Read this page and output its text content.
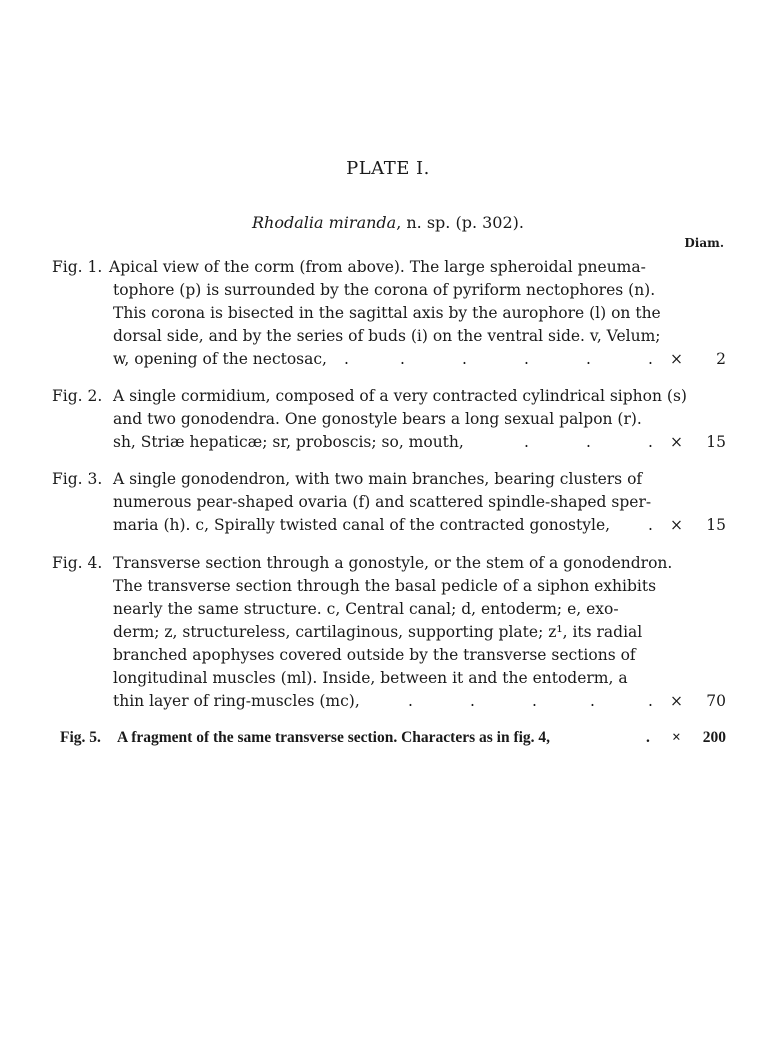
PLATE I.
Rhodalia miranda, n. sp. (p. 302).
Diam.
Fig. 1. Apical view of the corm (from above). The large spheroidal pneuma-
tophore (p) is surrounded by the corona of pyriform nectophores (n).
This corona is bisected in the sagittal axis by the aurophore (l) on the
dorsal side, and by the series of buds (i) on the ventral side. v, Velum;
w, opening of the nectosac, .	.	.	.	.	. × 2
Fig. 2. A single cormidium, composed of a very contracted cylindrical siphon (s)
and two gonodendra. One gonostyle bears a long sexual palpon (r).
sh, Striæ hepaticæ; sr, proboscis; so, mouth,	.	.	. × 15
Fig. 3. A single gonodendron, with two main branches, bearing clusters of
numerous pear-shaped ovaria (f) and scattered spindle-shaped sper-
maria (h). c, Spirally twisted canal of the contracted gonostyle, . × 15
Fig. 4. Transverse section through a gonostyle, or the stem of a gonodendron.
The transverse section through the basal pedicle of a siphon exhibits
nearly the same structure. c, Central canal; d, entoderm; e, exo-
derm; z, structureless, cartilaginous, supporting plate; z¹, its radial
branched apophyses covered outside by the transverse sections of
longitudinal muscles (ml). Inside, between it and the entoderm, a
thin layer of ring-muscles (mc),	.	.	.	.	. × 70
Fig. 5. A fragment of the same transverse section. Characters as in fig. 4,	. × 200
